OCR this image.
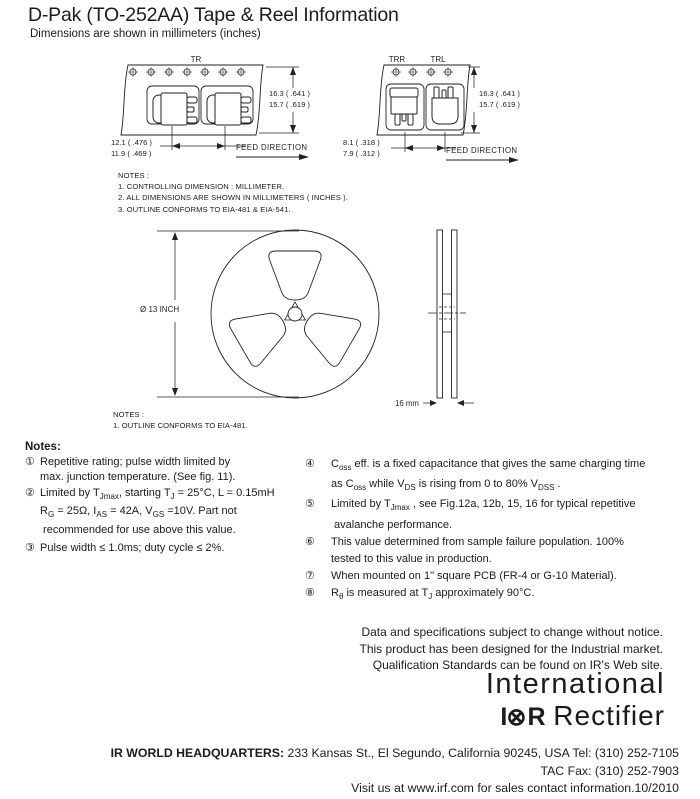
D-Pak (TO-252AA) Tape & Reel Information
Dimensions are shown in millimeters (inches)
TR	TRR	TRL
16.3 ( .641 )
15.7 ( .619 )
12.1 ( .476 )
11.9 ( .469 )
FEED DIRECTION
16.3 ( .641 )
15.7 ( .619 )
8.1 ( .318 )
7.9 ( .312 )	FEED DIRECTION
Ø 13 INCH
16 mm
NOTES :
1. CONTROLLING DIMENSION : MILLIMETER.
2. ALL DIMENSIONS ARE SHOWN IN MILLIMETERS ( INCHES ).
3. OUTLINE CONFORMS TO EIA-481 & EIA-541.
NOTES :
1. OUTLINE CONFORMS TO EIA-481.
Notes:
① Repetitive rating; pulse width limited by
max. junction temperature. (See fig. 11).
② Limited by $T_{Jmax}$, starting $T_J = 25^\circ C$, L = 0.15mH
$R_G = 25\Omega$, $I_{AS} = 42A$, $V_{GS} =10V$. Part not
recommended for use above this value.
③ Pulse width ≤ 1.0ms; duty cycle ≤ 2%.
④	$C_{oss}$ eff. is a fixed capacitance that gives the same charging time
as $C_{oss}$ while $V_{DS}$ is rising from 0 to 80% $V_{DSS}$ .
⑤	Limited by $T_{Jmax}$ , see Fig.12a, 12b, 15, 16 for typical repetitive
avalanche performance.
⑥	This value determined from sample failure population. 100%
tested to this value in production.
⑦	When mounted on 1" square PCB (FR-4 or G-10 Material).
⑧	$R_\theta$ is measured at $T_J$ approximately 90°C.
Data and specifications subject to change without notice.
This product has been designed for the Industrial market.
Qualification Standards can be found on IR's Web site.
International
I⊗R Rectifier
IR WORLD HEADQUARTERS: 233 Kansas St., El Segundo, California 90245, USA Tel: (310) 252-7105
TAC Fax: (310) 252-7903
Visit us at www.irf.com for sales contact information.10/2010
